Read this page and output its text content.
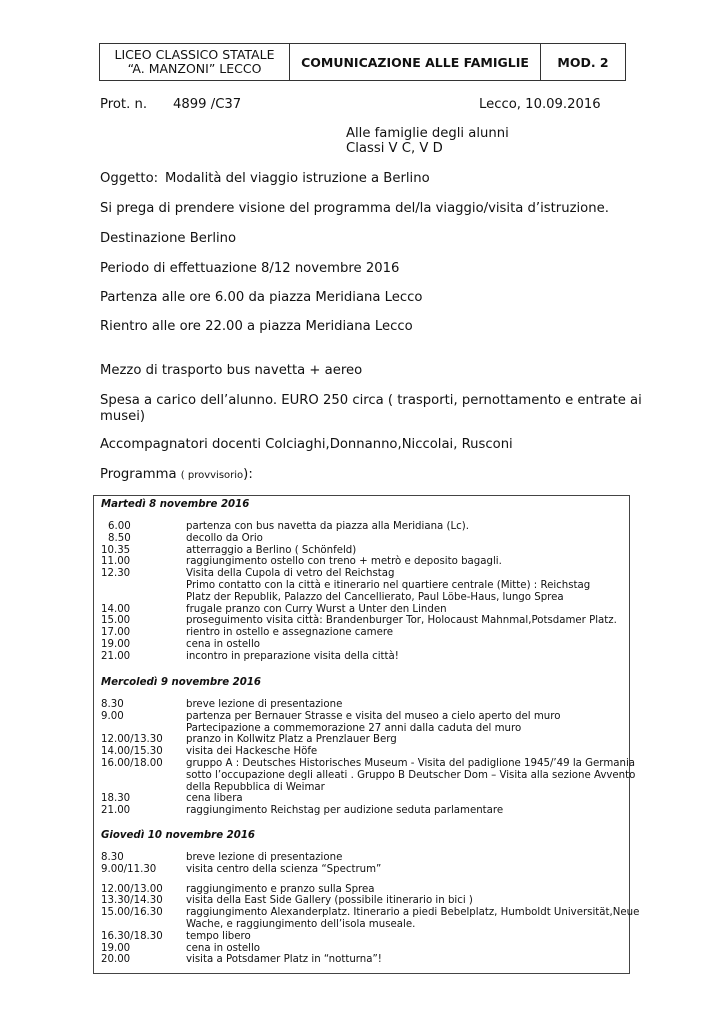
LICEO CLASSICO STATALE
“A. MANZONI” LECCO	COMUNICAZIONE ALLE FAMIGLIE	MOD. 2
Prot. n. 4899 /C37	Lecco, 10.09.2016
Alle famiglie degli alunni
Classi V C, V D
Oggetto: Modalità del viaggio istruzione a Berlino
Si prega di prendere visione del programma del/la viaggio/visita d’istruzione.
Destinazione Berlino
Periodo di effettuazione 8/12 novembre 2016
Partenza alle ore 6.00 da piazza Meridiana Lecco
Rientro alle ore 22.00 a piazza Meridiana Lecco
Mezzo di trasporto bus navetta + aereo
Spesa a carico dell’alunno. EURO 250 circa ( trasporti, pernottamento e entrate ai
musei)
Accompagnatori docenti Colciaghi,Donnanno,Niccolai, Rusconi
Programma ( provvisorio):
Martedì 8 novembre 2016
6.00	partenza con bus navetta da piazza alla Meridiana (Lc).
8.50	decollo da Orio
10.35	atterraggio a Berlino ( Schönfeld)
11.00	raggiungimento ostello con treno + metrò e deposito bagagli.
12.30	Visita della Cupola di vetro del Reichstag
Primo contatto con la città e itinerario nel quartiere centrale (Mitte) : Reichstag
Platz der Republik, Palazzo del Cancellierato, Paul Löbe-Haus, lungo Sprea
14.00	frugale pranzo con Curry Wurst a Unter den Linden
15.00	proseguimento visita città: Brandenburger Tor, Holocaust Mahnmal,Potsdamer Platz.
17.00	rientro in ostello e assegnazione camere
19.00	cena in ostello
21.00	incontro in preparazione visita della città!
Mercoledì 9 novembre 2016
8.30	breve lezione di presentazione
9.00	partenza per Bernauer Strasse e visita del museo a cielo aperto del muro
Partecipazione a commemorazione 27 anni dalla caduta del muro
12.00/13.30 pranzo in Kollwitz Platz a Prenzlauer Berg
14.00/15.30 visita dei Hackesche Höfe
16.00/18.00 gruppo A : Deutsches Historisches Museum - Visita del padiglione 1945/’49 la Germania
sotto l’occupazione degli alleati . Gruppo B Deutscher Dom – Visita alla sezione Avvento
della Repubblica di Weimar
18.30	cena libera
21.00	raggiungimento Reichstag per audizione seduta parlamentare
Giovedì 10 novembre 2016
8.30	breve lezione di presentazione
9.00/11.30	visita centro della scienza “Spectrum”
12.00/13.00 raggiungimento e pranzo sulla Sprea
13.30/14.30 visita della East Side Gallery (possibile itinerario in bici )
15.00/16.30 raggiungimento Alexanderplatz. Itinerario a piedi Bebelplatz, Humboldt Universität,Neue
Wache, e raggiungimento dell’isola museale.
16.30/18.30 tempo libero
19.00	cena in ostello
20.00	visita a Potsdamer Platz in “notturna”!
